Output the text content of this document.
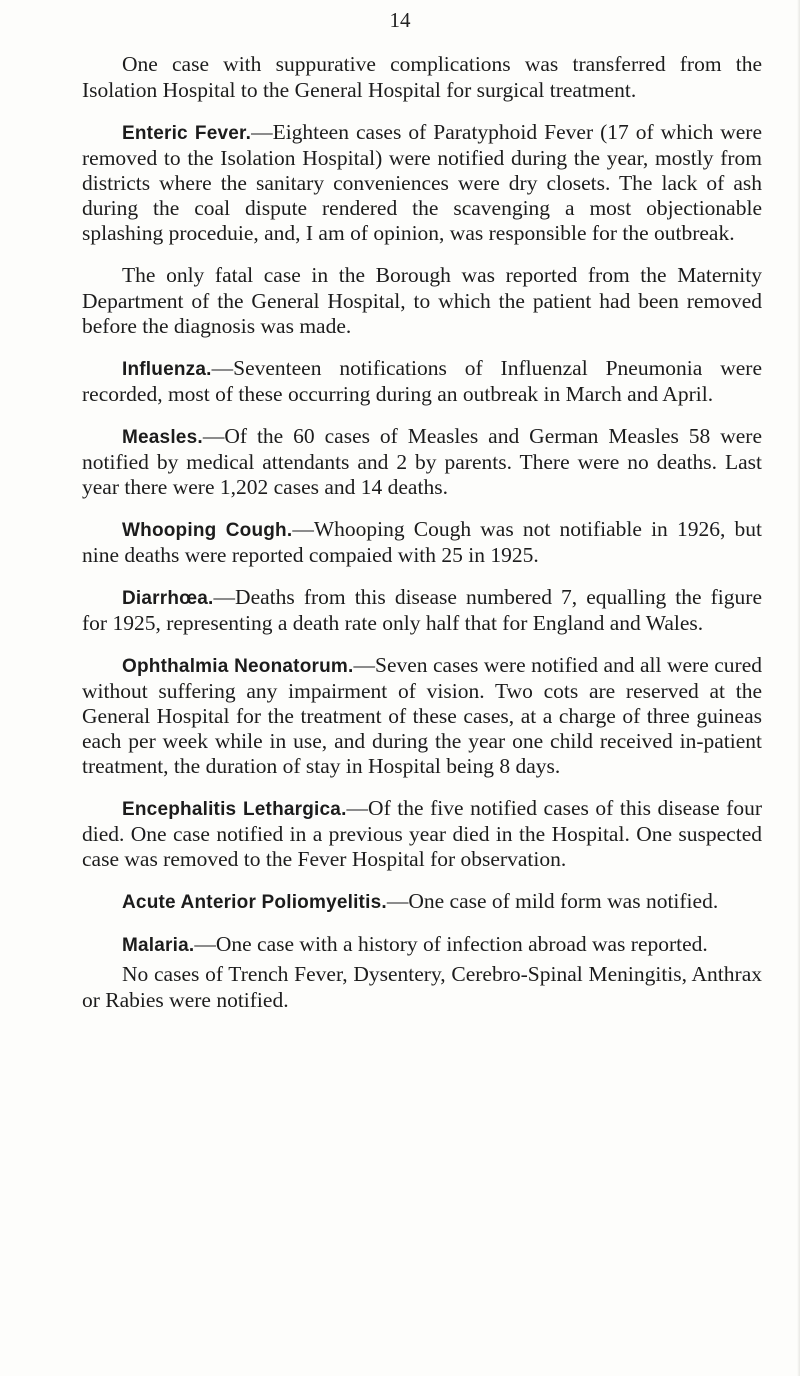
14

One case with suppurative complications was transferred from the Isolation Hospital to the General Hospital for surgical treatment.

Enteric Fever.—Eighteen cases of Paratyphoid Fever (17 of which were removed to the Isolation Hospital) were notified during the year, mostly from districts where the sanitary conveniences were dry closets. The lack of ash during the coal dispute rendered the scavenging a most objectionable splashing proceduie, and, I am of opinion, was responsible for the outbreak.

The only fatal case in the Borough was reported from the Maternity Department of the General Hospital, to which the patient had been removed before the diagnosis was made.

Influenza.—Seventeen notifications of Influenzal Pneumonia were recorded, most of these occurring during an outbreak in March and April.

Measles.—Of the 60 cases of Measles and German Measles 58 were notified by medical attendants and 2 by parents. There were no deaths. Last year there were 1,202 cases and 14 deaths.

Whooping Cough.—Whooping Cough was not notifiable in 1926, but nine deaths were reported compaied with 25 in 1925.

Diarrhœa.—Deaths from this disease numbered 7, equalling the figure for 1925, representing a death rate only half that for England and Wales.

Ophthalmia Neonatorum.—Seven cases were notified and all were cured without suffering any impairment of vision. Two cots are reserved at the General Hospital for the treatment of these cases, at a charge of three guineas each per week while in use, and during the year one child received in-patient treatment, the duration of stay in Hospital being 8 days.

Encephalitis Lethargica.—Of the five notified cases of this disease four died. One case notified in a previous year died in the Hospital. One suspected case was removed to the Fever Hospital for observation.

Acute Anterior Poliomyelitis.—One case of mild form was notified.

Malaria.—One case with a history of infection abroad was reported.

No cases of Trench Fever, Dysentery, Cerebro-Spinal Meningitis, Anthrax or Rabies were notified.
